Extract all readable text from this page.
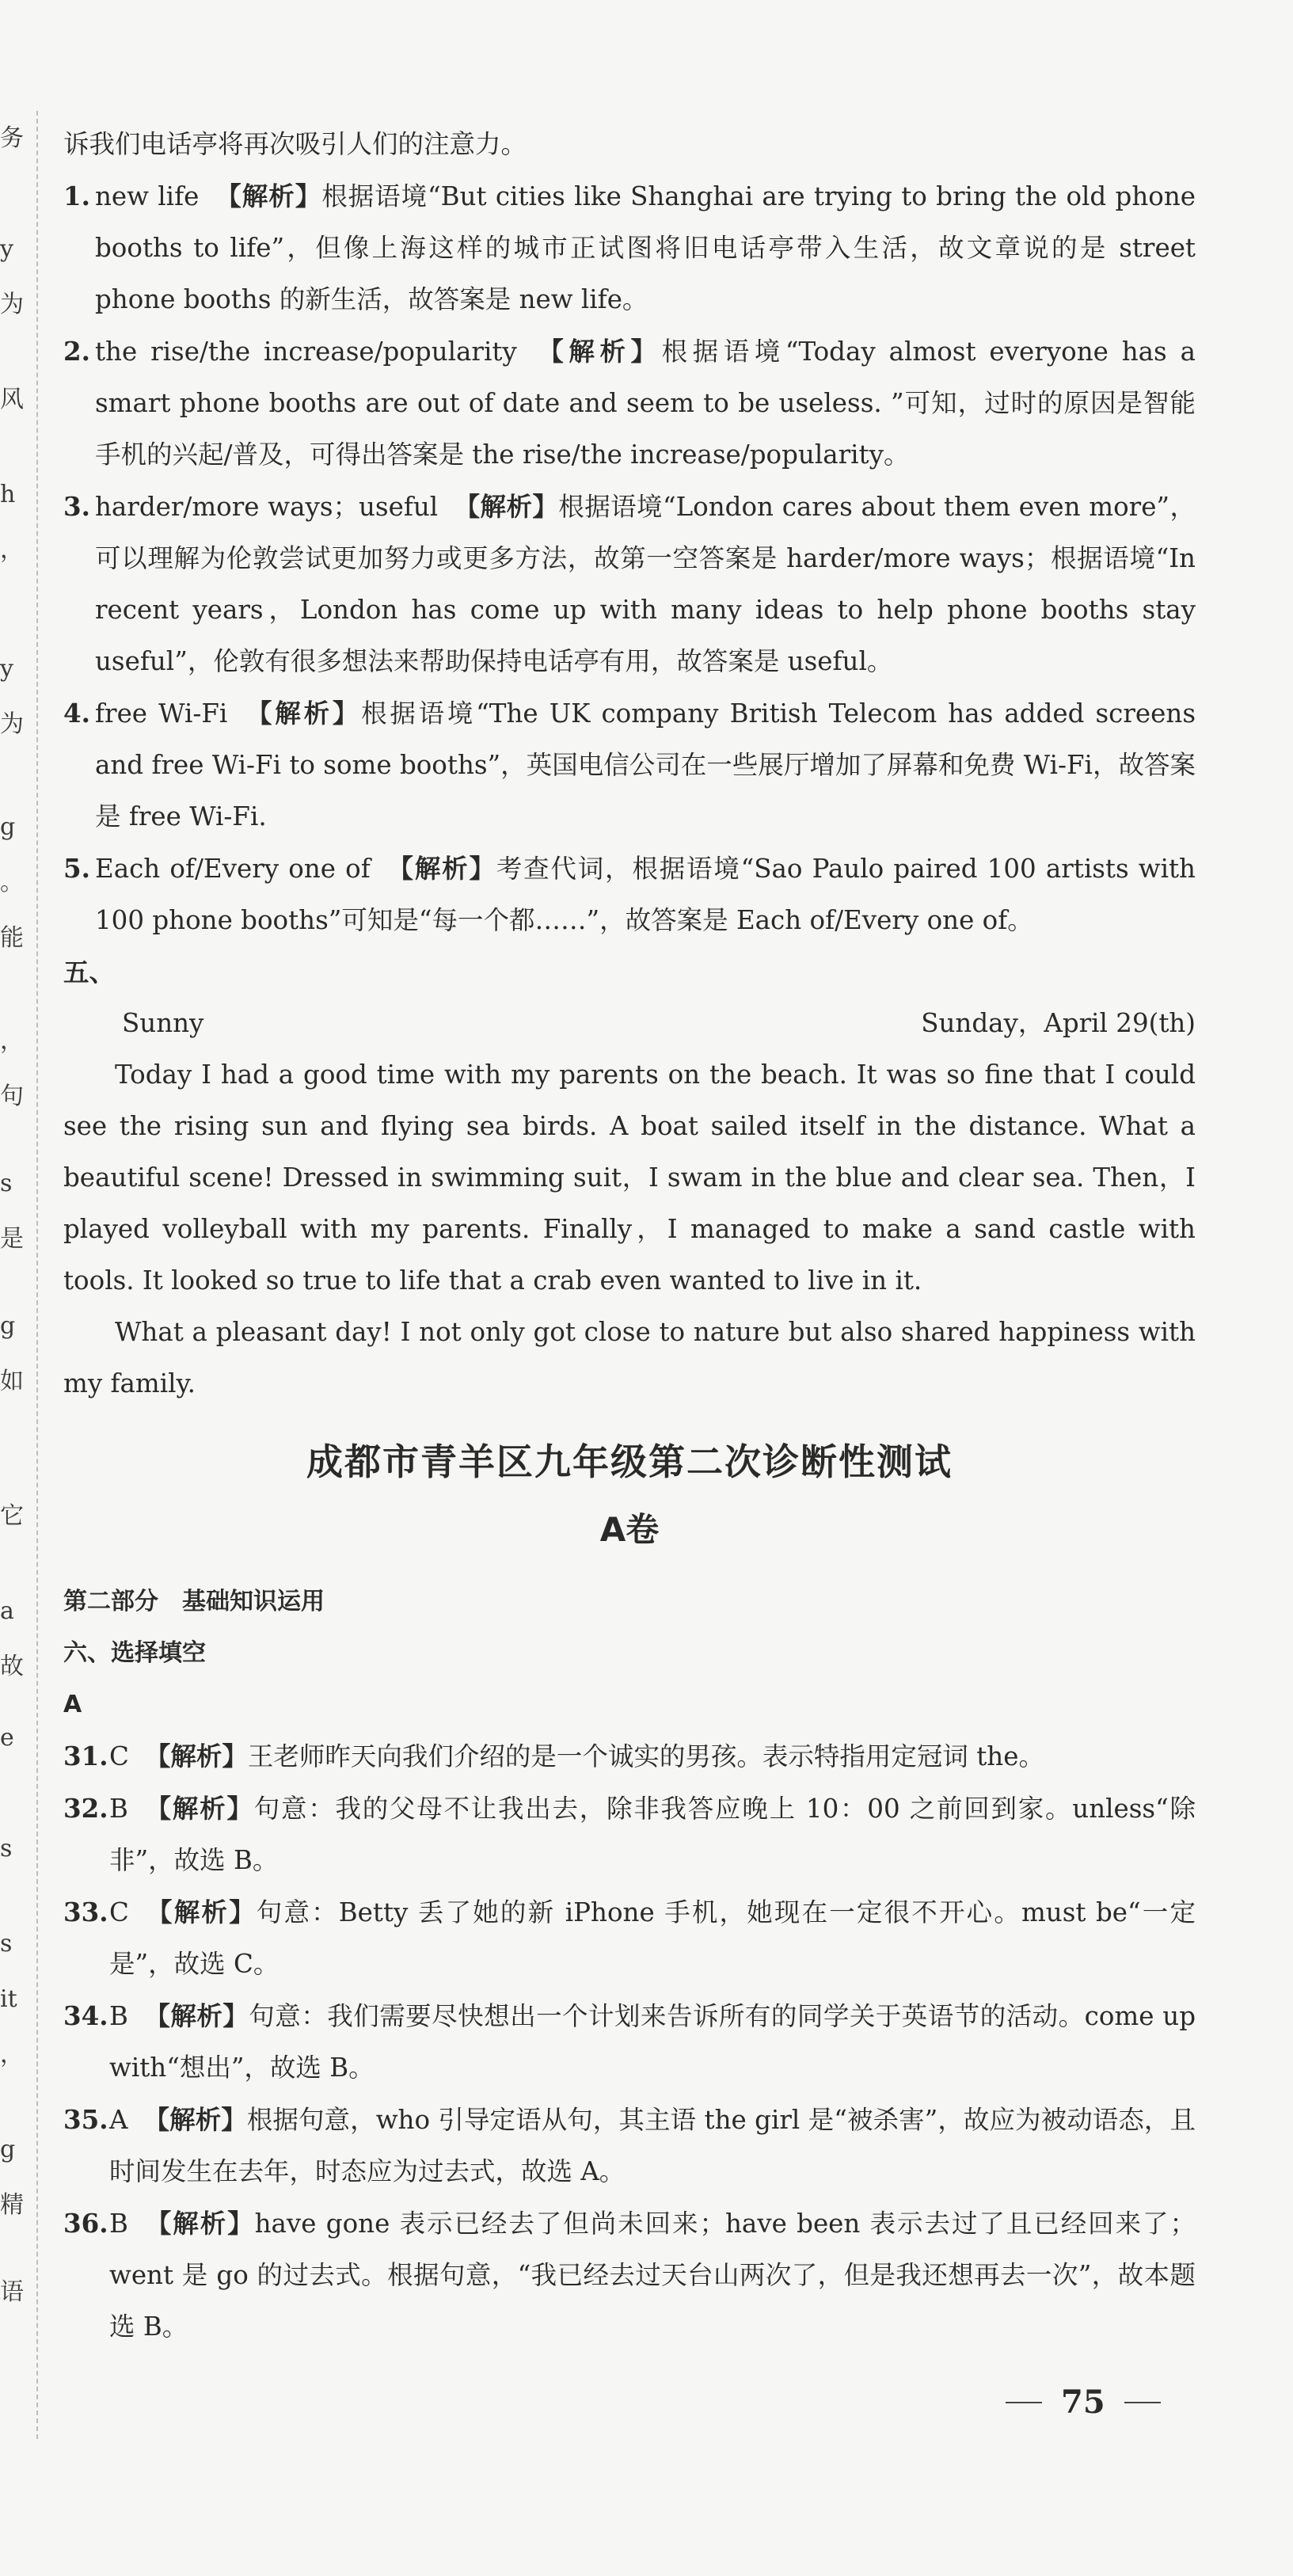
务
y
为
风
h
，
y
为
g
。
能
，
句
s
是
g
如
它
a
故
e
s
s
it
，
g
精
语

诉我们电话亭将再次吸引人们的注意力。

1. new life 【解析】根据语境“But cities like Shanghai are trying to bring the old phone booths to life”，但像上海这样的城市正试图将旧电话亭带入生活，故文章说的是 street phone booths 的新生活，故答案是 new life。
2. the rise/the increase/popularity 【解析】根据语境“Today almost everyone has a smart phone booths are out of date and seem to be useless. ”可知，过时的原因是智能手机的兴起/普及，可得出答案是 the rise/the increase/popularity。
3. harder/more ways；useful 【解析】根据语境“London cares about them even more”，可以理解为伦敦尝试更加努力或更多方法，故第一空答案是 harder/more ways；根据语境“In recent years，London has come up with many ideas to help phone booths stay useful”，伦敦有很多想法来帮助保持电话亭有用，故答案是 useful。
4. free Wi-Fi 【解析】根据语境“The UK company British Telecom has added screens and free Wi-Fi to some booths”，英国电信公司在一些展厅增加了屏幕和免费 Wi-Fi，故答案是 free Wi-Fi.
5. Each of/Every one of 【解析】考查代词，根据语境“Sao Paulo paired 100 artists with 100 phone booths”可知是“每一个都……”，故答案是 Each of/Every one of。

五、

Sunny	Sunday，April 29(th)

Today I had a good time with my parents on the beach. It was so fine that I could see the rising sun and flying sea birds. A boat sailed itself in the distance. What a beautiful scene! Dressed in swimming suit，I swam in the blue and clear sea. Then，I played volleyball with my parents. Finally，I managed to make a sand castle with tools. It looked so true to life that a crab even wanted to live in it.

What a pleasant day! I not only got close to nature but also shared happiness with my family.

成都市青羊区九年级第二次诊断性测试
A卷

第二部分 基础知识运用

六、选择填空

A

31. C 【解析】王老师昨天向我们介绍的是一个诚实的男孩。表示特指用定冠词 the。
32. B 【解析】句意：我的父母不让我出去，除非我答应晚上 10：00 之前回到家。unless“除非”，故选 B。
33. C 【解析】句意：Betty 丢了她的新 iPhone 手机，她现在一定很不开心。must be“一定是”，故选 C。
34. B 【解析】句意：我们需要尽快想出一个计划来告诉所有的同学关于英语节的活动。come up with“想出”，故选 B。
35. A 【解析】根据句意，who 引导定语从句，其主语 the girl 是“被杀害”，故应为被动语态，且时间发生在去年，时态应为过去式，故选 A。
36. B 【解析】have gone 表示已经去了但尚未回来；have been 表示去过了且已经回来了；went 是 go 的过去式。根据句意，“我已经去过天台山两次了，但是我还想再去一次”，故本题选 B。
75
